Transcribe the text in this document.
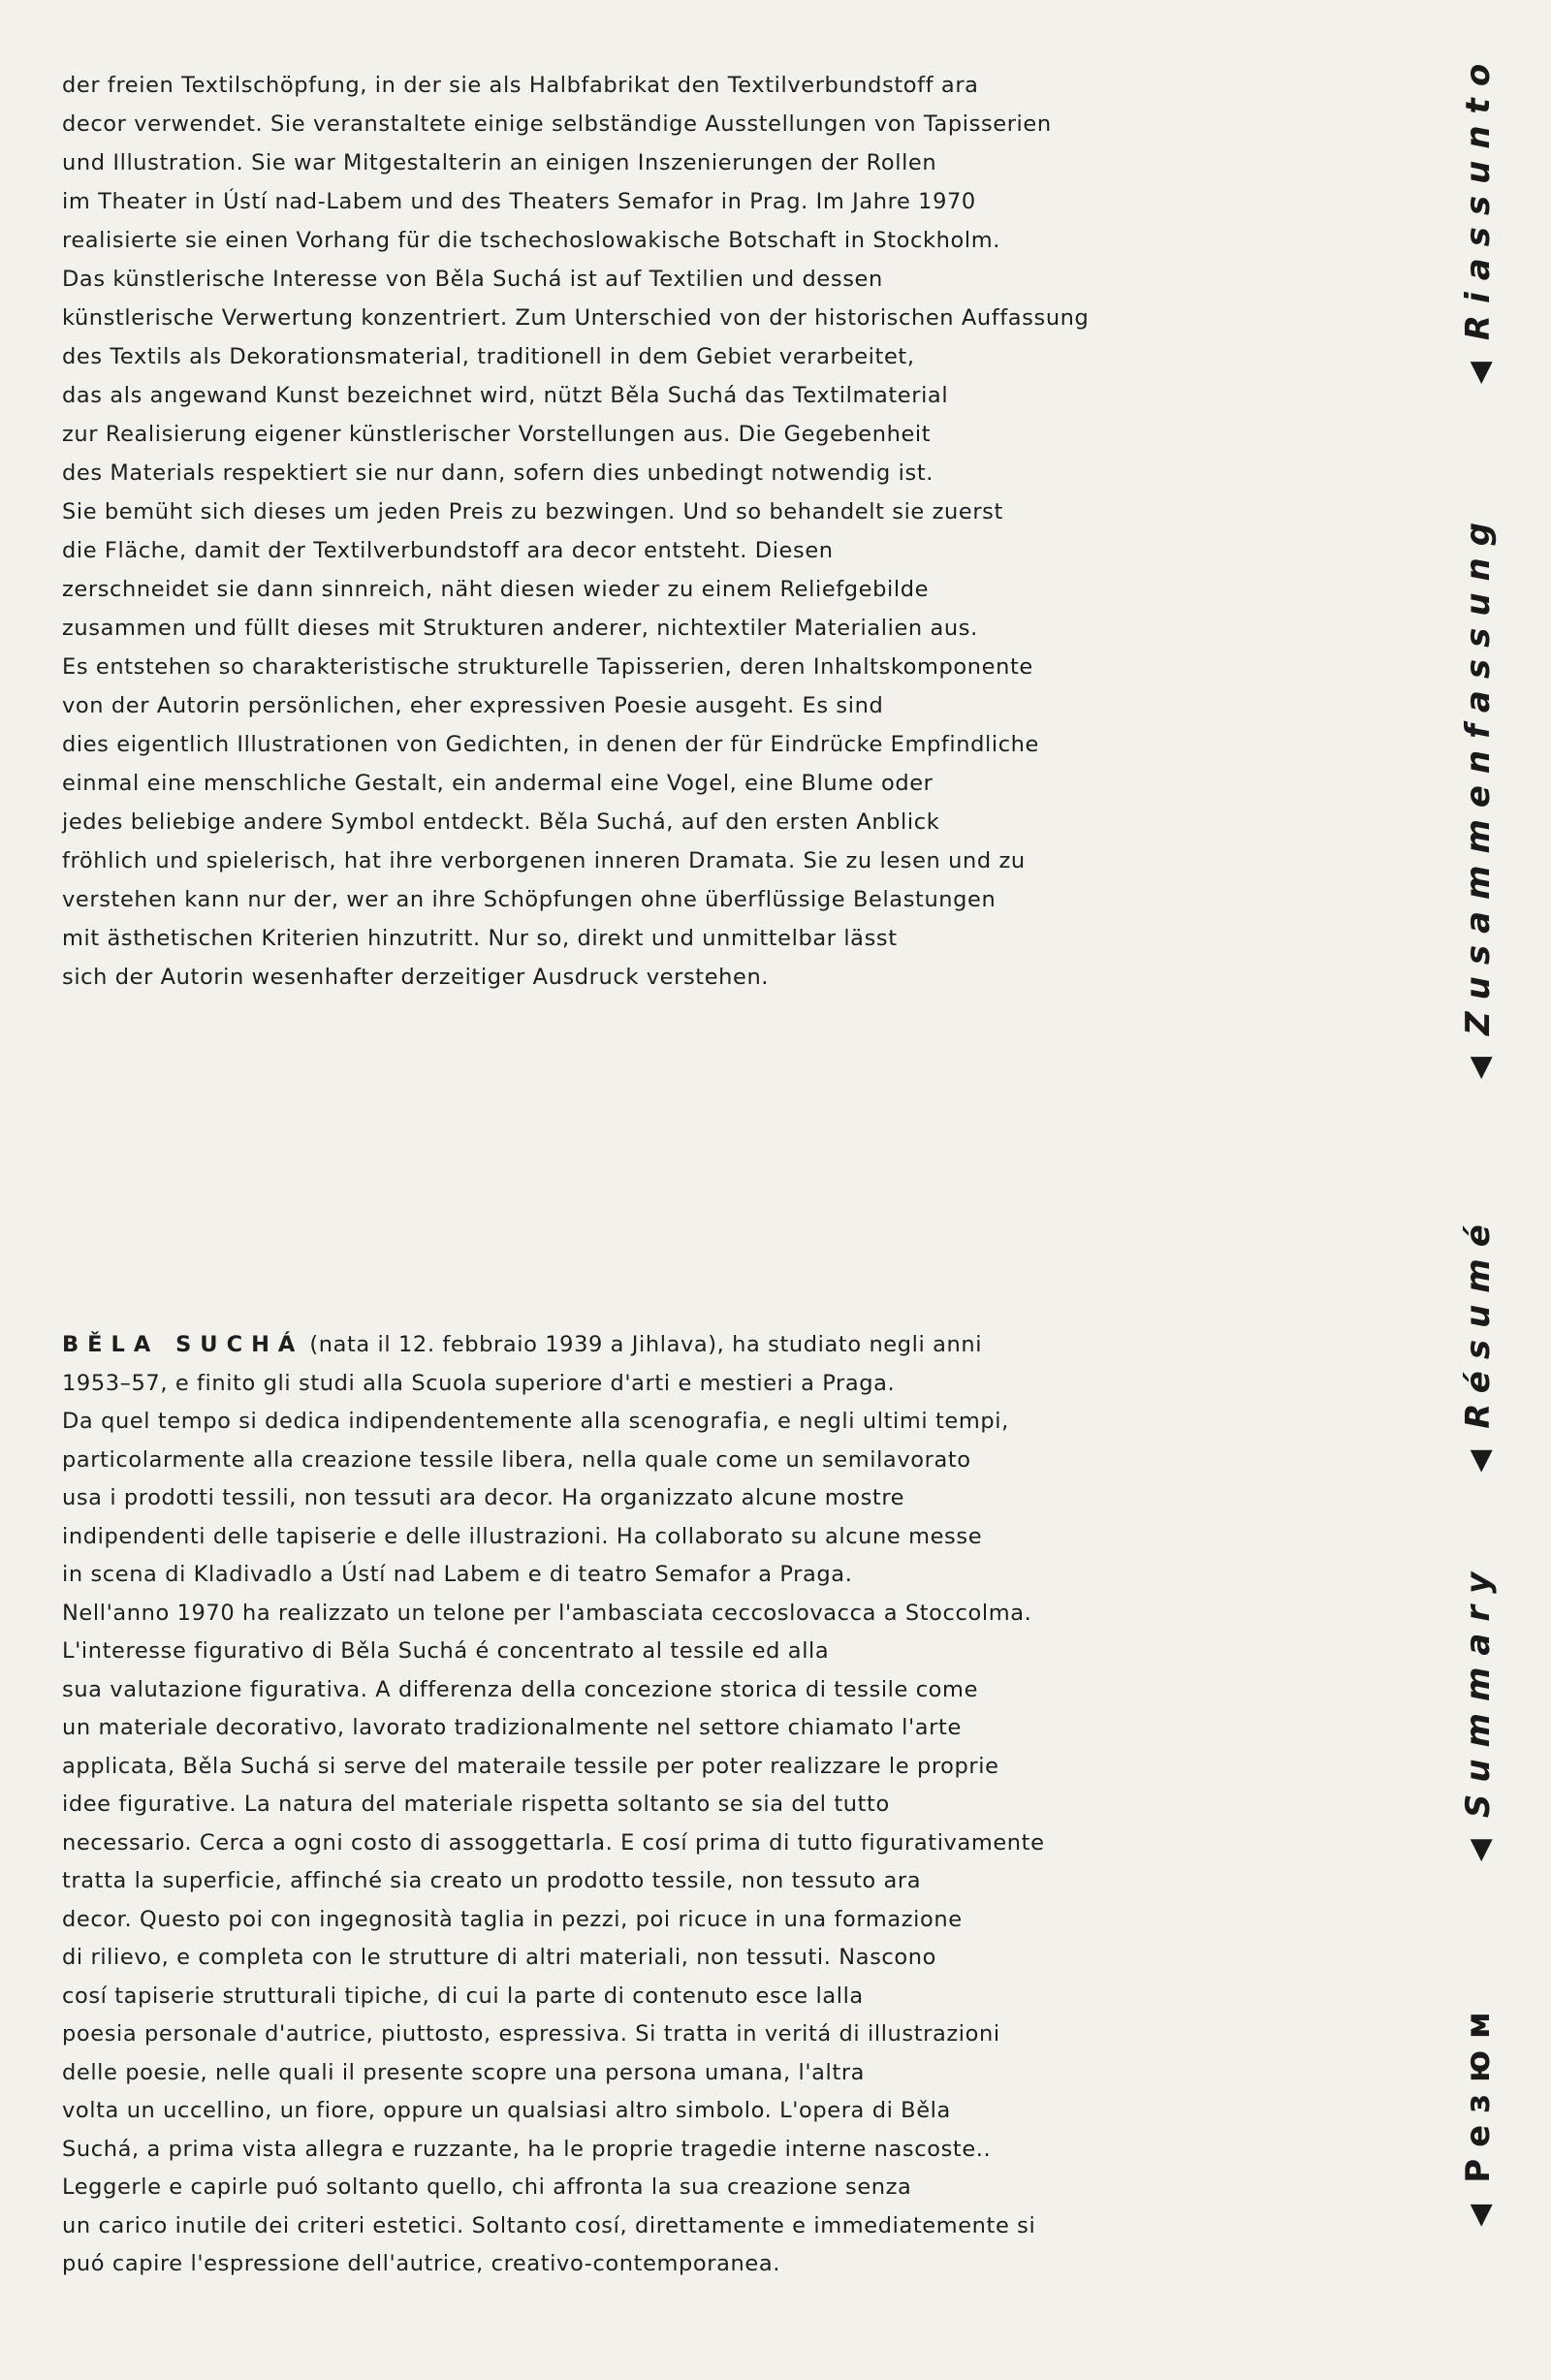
der freien Textilschöpfung, in der sie als Halbfabrikat den Textilverbundstoff ara
decor verwendet. Sie veranstaltete einige selbständige Ausstellungen von Tapisserien
und Illustration. Sie war Mitgestalterin an einigen Inszenierungen der Rollen
im Theater in Ústí nad-Labem und des Theaters Semafor in Prag. Im Jahre 1970
realisierte sie einen Vorhang für die tschechoslowakische Botschaft in Stockholm.
Das künstlerische Interesse von Běla Suchá ist auf Textilien und dessen
künstlerische Verwertung konzentriert. Zum Unterschied von der historischen Auffassung
des Textils als Dekorationsmaterial, traditionell in dem Gebiet verarbeitet,
das als angewand Kunst bezeichnet wird, nützt Běla Suchá das Textilmaterial
zur Realisierung eigener künstlerischer Vorstellungen aus. Die Gegebenheit
des Materials respektiert sie nur dann, sofern dies unbedingt notwendig ist.
Sie bemüht sich dieses um jeden Preis zu bezwingen. Und so behandelt sie zuerst
die Fläche, damit der Textilverbundstoff ara decor entsteht. Diesen
zerschneidet sie dann sinnreich, näht diesen wieder zu einem Reliefgebilde
zusammen und füllt dieses mit Strukturen anderer, nichtextiler Materialien aus.
Es entstehen so charakteristische strukturelle Tapisserien, deren Inhaltskomponente
von der Autorin persönlichen, eher expressiven Poesie ausgeht. Es sind
dies eigentlich Illustrationen von Gedichten, in denen der für Eindrücke Empfindliche
einmal eine menschliche Gestalt, ein andermal eine Vogel, eine Blume oder
jedes beliebige andere Symbol entdeckt. Běla Suchá, auf den ersten Anblick
fröhlich und spielerisch, hat ihre verborgenen inneren Dramata. Sie zu lesen und zu
verstehen kann nur der, wer an ihre Schöpfungen ohne überflüssige Belastungen
mit ästhetischen Kriterien hinzutritt. Nur so, direkt und unmittelbar lässt
sich der Autorin wesenhafter derzeitiger Ausdruck verstehen.
BĚLA SUCHÁ (nata il 12. febbraio 1939 a Jihlava), ha studiato negli anni
1953–57, e finito gli studi alla Scuola superiore d'arti e mestieri a Praga.
Da quel tempo si dedica indipendentemente alla scenografia, e negli ultimi tempi,
particolarmente alla creazione tessile libera, nella quale come un semilavorato
usa i prodotti tessili, non tessuti ara decor. Ha organizzato alcune mostre
indipendenti delle tapiserie e delle illustrazioni. Ha collaborato su alcune messe
in scena di Kladivadlo a Ústí nad Labem e di teatro Semafor a Praga.
Nell'anno 1970 ha realizzato un telone per l'ambasciata ceccoslovacca a Stoccolma.
L'interesse figurativo di Běla Suchá é concentrato al tessile ed alla
sua valutazione figurativa. A differenza della concezione storica di tessile come
un materiale decorativo, lavorato tradizionalmente nel settore chiamato l'arte
applicata, Běla Suchá si serve del materaile tessile per poter realizzare le proprie
idee figurative. La natura del materiale rispetta soltanto se sia del tutto
necessario. Cerca a ogni costo di assoggettarla. E cosí prima di tutto figurativamente
tratta la superficie, affinché sia creato un prodotto tessile, non tessuto ara
decor. Questo poi con ingegnosità taglia in pezzi, poi ricuce in una formazione
di rilievo, e completa con le strutture di altri materiali, non tessuti. Nascono
cosí tapiserie strutturali tipiche, di cui la parte di contenuto esce lalla
poesia personale d'autrice, piuttosto, espressiva. Si tratta in veritá di illustrazioni
delle poesie, nelle quali il presente scopre una persona umana, l'altra
volta un uccellino, un fiore, oppure un qualsiasi altro simbolo. L'opera di Běla
Suchá, a prima vista allegra e ruzzante, ha le proprie tragedie interne nascoste..
Leggerle e capirle puó soltanto quello, chi affronta la sua creazione senza
un carico inutile dei criteri estetici. Soltanto cosí, direttamente e immediatemente si
puó capire l'espressione dell'autrice, creativo-contemporanea.
◀Riassunto
◀Zusammenfassung
◀Résumé
◀Summary
◀Резюм
